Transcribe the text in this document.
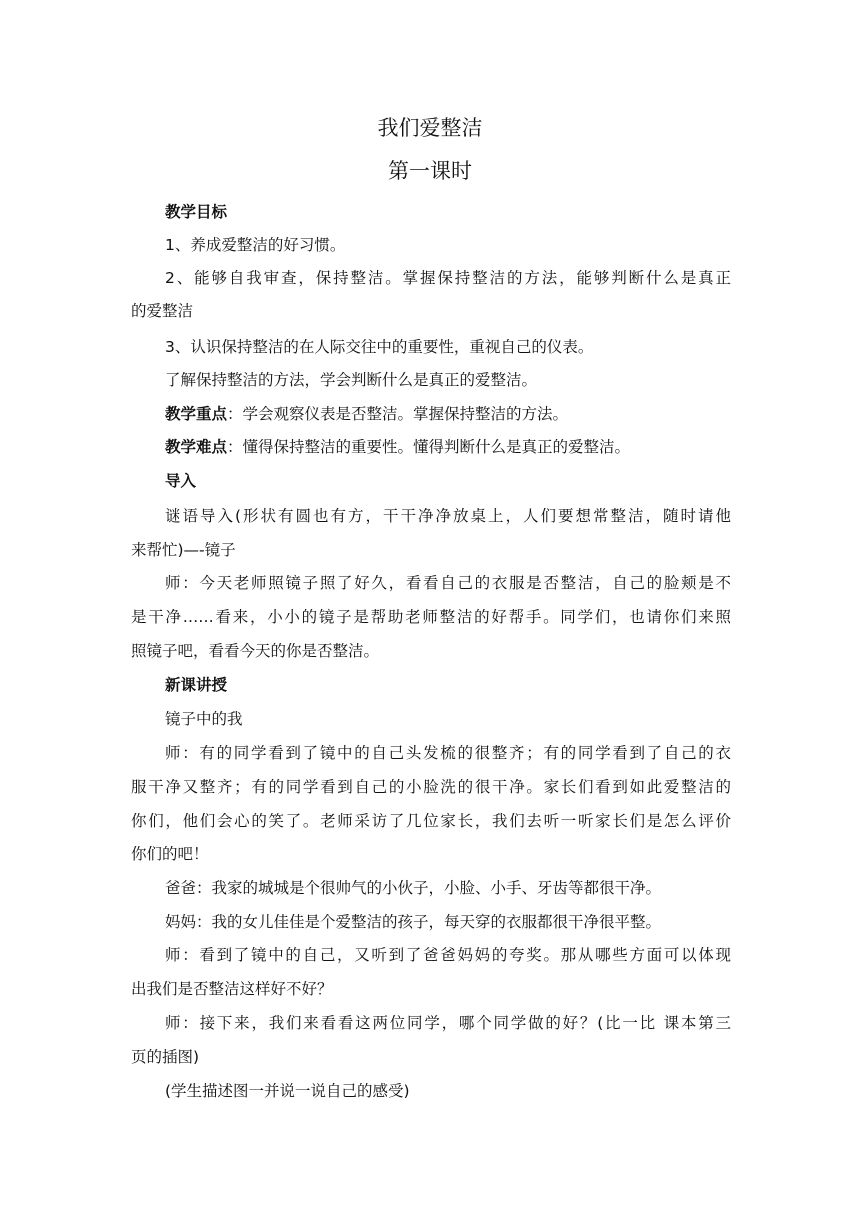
我们爱整洁
第一课时
教学目标
1、养成爱整洁的好习惯。
2、能够自我审查，保持整洁。掌握保持整洁的方法，能够判断什么是真正
的爱整洁
3、认识保持整洁的在人际交往中的重要性，重视自己的仪表。
了解保持整洁的方法，学会判断什么是真正的爱整洁。
教学重点：学会观察仪表是否整洁。掌握保持整洁的方法。
教学难点：懂得保持整洁的重要性。懂得判断什么是真正的爱整洁。
导入
谜语导入(形状有圆也有方，干干净净放桌上，人们要想常整洁，随时请他
来帮忙)—-镜子
师：今天老师照镜子照了好久，看看自己的衣服是否整洁，自己的脸颊是不
是干净……看来，小小的镜子是帮助老师整洁的好帮手。同学们，也请你们来照
照镜子吧，看看今天的你是否整洁。
新课讲授
镜子中的我
师：有的同学看到了镜中的自己头发梳的很整齐；有的同学看到了自己的衣
服干净又整齐；有的同学看到自己的小脸洗的很干净。家长们看到如此爱整洁的
你们，他们会心的笑了。老师采访了几位家长，我们去听一听家长们是怎么评价
你们的吧！
爸爸：我家的城城是个很帅气的小伙子，小脸、小手、牙齿等都很干净。
妈妈：我的女儿佳佳是个爱整洁的孩子，每天穿的衣服都很干净很平整。
师：看到了镜中的自己，又听到了爸爸妈妈的夸奖。那从哪些方面可以体现
出我们是否整洁这样好不好？
师：接下来，我们来看看这两位同学，哪个同学做的好？(比一比 课本第三
页的插图)
(学生描述图一并说一说自己的感受)
